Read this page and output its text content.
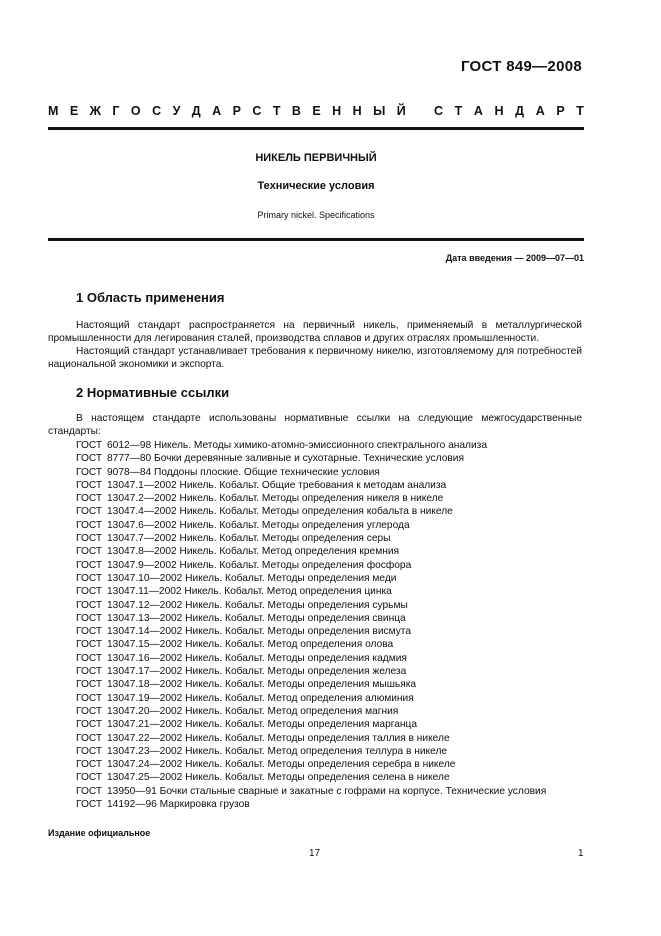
ГОСТ 849—2008
М Е Ж Г О С У Д А Р С Т В Е Н Н Ы Й С Т А Н Д А Р Т
НИКЕЛЬ ПЕРВИЧНЫЙ
Технические условия
Primary nickel. Specifications
Дата введения — 2009—07—01
1 Область применения

Настоящий стандарт распространяется на первичный никель, применяемый в металлургической промышленности для легирования сталей, производства сплавов и других отраслях промышленности.

Настоящий стандарт устанавливает требования к первичному никелю, изготовляемому для потребностей национальной экономики и экспорта.

2 Нормативные ссылки

В настоящем стандарте использованы нормативные ссылки на следующие межгосударственные стандарты:

ГОСТ 6012—98 Никель. Методы химико-атомно-эмиссионного спектрального анализа
ГОСТ 8777—80 Бочки деревянные заливные и сухотарные. Технические условия
ГОСТ 9078—84 Поддоны плоские. Общие технические условия
ГОСТ 13047.1—2002 Никель. Кобальт. Общие требования к методам анализа
ГОСТ 13047.2—2002 Никель. Кобальт. Методы определения никеля в никеле
ГОСТ 13047.4—2002 Никель. Кобальт. Методы определения кобальта в никеле
ГОСТ 13047.6—2002 Никель. Кобальт. Методы определения углерода
ГОСТ 13047.7—2002 Никель. Кобальт. Методы определения серы
ГОСТ 13047.8—2002 Никель. Кобальт. Метод определения кремния
ГОСТ 13047.9—2002 Никель. Кобальт. Методы определения фосфора
ГОСТ 13047.10—2002 Никель. Кобальт. Методы определения меди
ГОСТ 13047.11—2002 Никель. Кобальт. Метод определения цинка
ГОСТ 13047.12—2002 Никель. Кобальт. Методы определения сурьмы
ГОСТ 13047.13—2002 Никель. Кобальт. Методы определения свинца
ГОСТ 13047.14—2002 Никель. Кобальт. Методы определения висмута
ГОСТ 13047.15—2002 Никель. Кобальт. Метод определения олова
ГОСТ 13047.16—2002 Никель. Кобальт. Методы определения кадмия
ГОСТ 13047.17—2002 Никель. Кобальт. Методы определения железа
ГОСТ 13047.18—2002 Никель. Кобальт. Методы определения мышьяка
ГОСТ 13047.19—2002 Никель. Кобальт. Метод определения алюминия
ГОСТ 13047.20—2002 Никель. Кобальт. Метод определения магния
ГОСТ 13047.21—2002 Никель. Кобальт. Методы определения марганца
ГОСТ 13047.22—2002 Никель. Кобальт. Методы определения таллия в никеле
ГОСТ 13047.23—2002 Никель. Кобальт. Метод определения теллура в никеле
ГОСТ 13047.24—2002 Никель. Кобальт. Методы определения серебра в никеле
ГОСТ 13047.25—2002 Никель. Кобальт. Методы определения селена в никеле
ГОСТ 13950—91 Бочки стальные сварные и закатные с гофрами на корпусе. Технические условия
ГОСТ 14192—96 Маркировка грузов
Издание официальное
17	1
